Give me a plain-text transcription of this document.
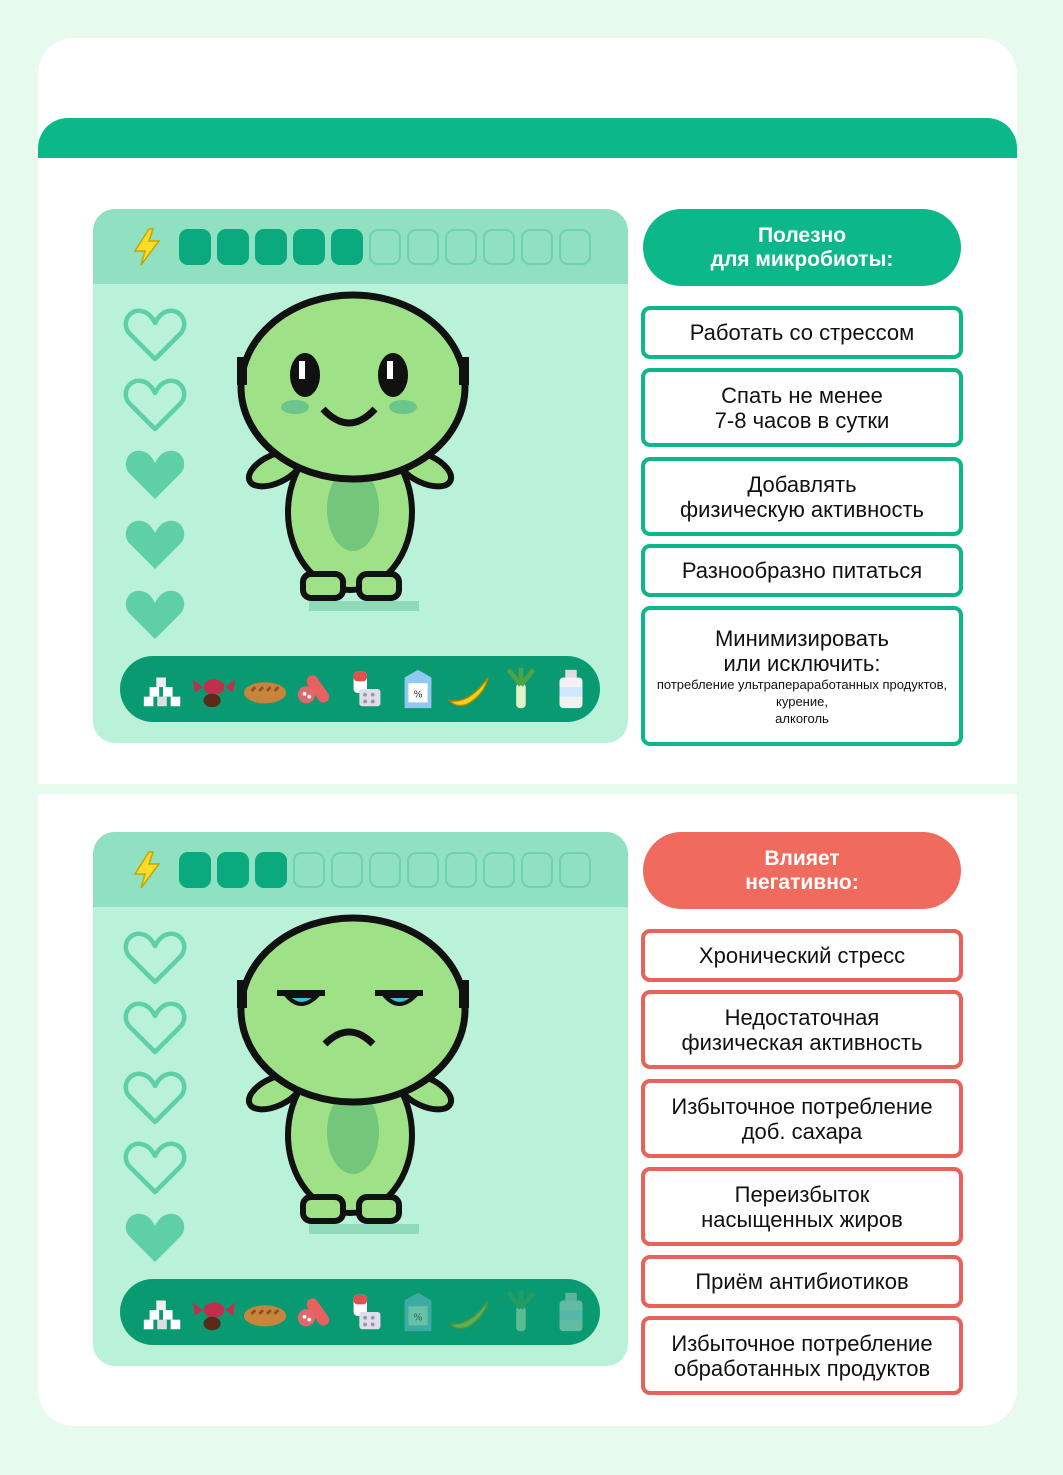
%
Полезно
для микробиоты:
Работать со стрессом
Спать не менее
7-8 часов в сутки
Добавлять
физическую активность
Разнообразно питаться
Минимизировать
или исключить:
потребление ультрапераработанных продуктов, курение,
алкоголь
%
Влияет
негативно:
Хронический стресс
Недостаточная
физическая активность
Избыточное потребление
доб. сахара
Переизбыток
насыщенных жиров
Приём антибиотиков
Избыточное потребление
обработанных продуктов
